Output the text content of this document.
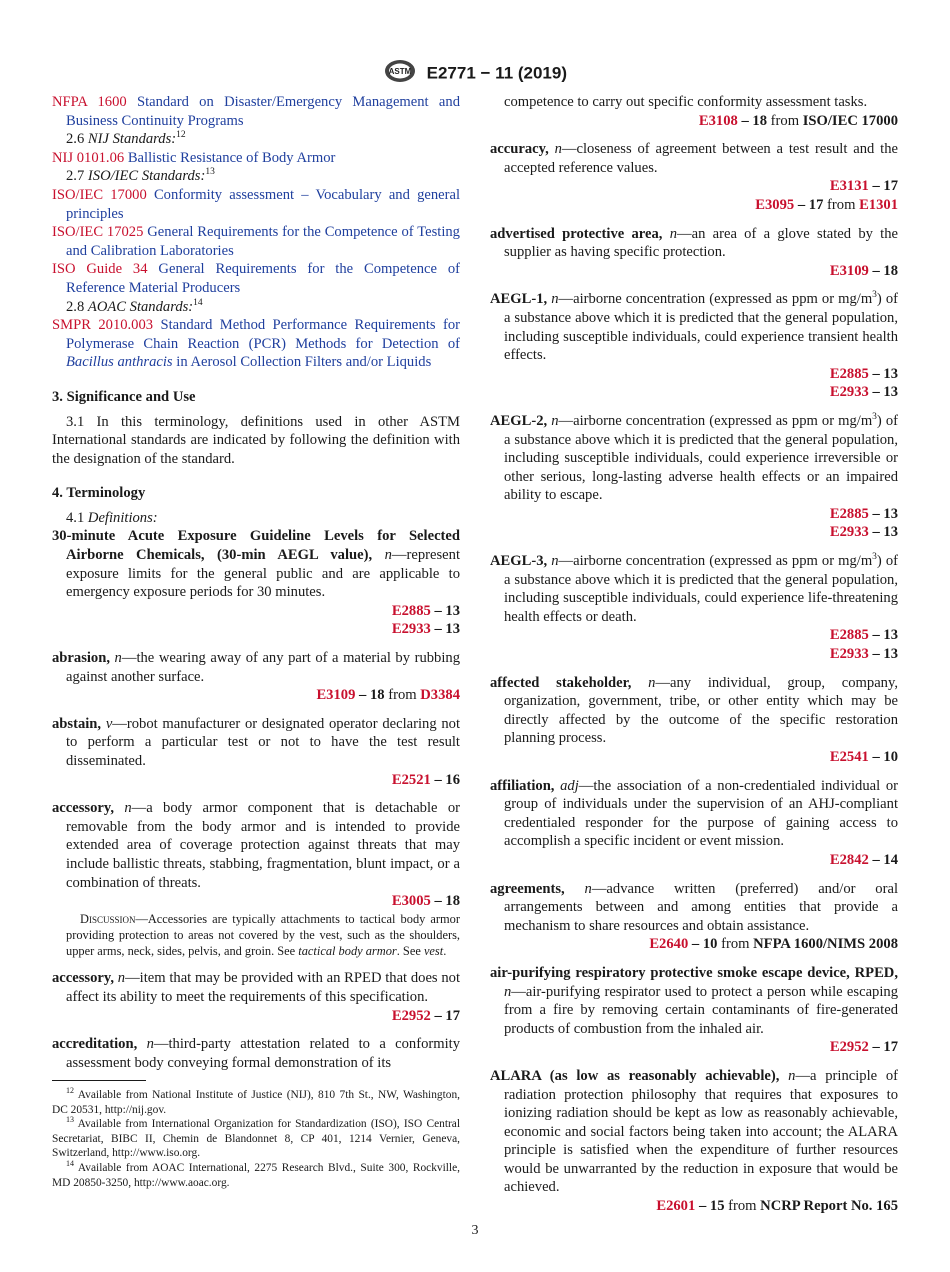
ASTM E2771 − 11 (2019)

NFPA 1600 Standard on Disaster/Emergency Management and Business Continuity Programs

2.6 NIJ Standards:$^{12}$

NIJ 0101.06 Ballistic Resistance of Body Armor

2.7 ISO/IEC Standards:$^{13}$

ISO/IEC 17000 Conformity assessment – Vocabulary and general principles

ISO/IEC 17025 General Requirements for the Competence of Testing and Calibration Laboratories

ISO Guide 34 General Requirements for the Competence of Reference Material Producers

2.8 AOAC Standards:$^{14}$

SMPR 2010.003 Standard Method Performance Requirements for Polymerase Chain Reaction (PCR) Methods for Detection of Bacillus anthracis in Aerosol Collection Filters and/or Liquids

3. Significance and Use

3.1 In this terminology, definitions used in other ASTM International standards are indicated by following the definition with the designation of the standard.

4. Terminology

4.1 Definitions:

30-minute Acute Exposure Guideline Levels for Selected Airborne Chemicals, (30-min AEGL value), n—represent exposure limits for the general public and are applicable to emergency exposure periods for 30 minutes.

E2885 – 13

E2933 – 13

abrasion, n—the wearing away of any part of a material by rubbing against another surface.

E3109 – 18 from D3384

abstain, v—robot manufacturer or designated operator declaring not to perform a particular test or not to have the test result disseminated.

E2521 – 16

accessory, n—a body armor component that is detachable or removable from the body armor and is intended to provide extended area of coverage protection against threats that may include ballistic threats, stabbing, fragmentation, blunt impact, or a combination of threats.

E3005 – 18

Discussion—Accessories are typically attachments to tactical body armor providing protection to areas not covered by the vest, such as the shoulders, upper arms, neck, sides, pelvis, and groin. See tactical body armor. See vest.

accessory, n—item that may be provided with an RPED that does not affect its ability to meet the requirements of this specification.

E2952 – 17

accreditation, n—third-party attestation related to a conformity assessment body conveying formal demonstration of its

competence to carry out specific conformity assessment tasks.

E3108 – 18 from ISO/IEC 17000

accuracy, n—closeness of agreement between a test result and the accepted reference values.

E3131 – 17

E3095 – 17 from E1301

advertised protective area, n—an area of a glove stated by the supplier as having specific protection.

E3109 – 18

AEGL-1, n—airborne concentration (expressed as ppm or $mg/m^3$) of a substance above which it is predicted that the general population, including susceptible individuals, could experience transient health effects.

E2885 – 13

E2933 – 13

AEGL-2, n—airborne concentration (expressed as ppm or $mg/m^3$) of a substance above which it is predicted that the general population, including susceptible individuals, could experience irreversible or other serious, long-lasting adverse health effects or an impaired ability to escape.

E2885 – 13

E2933 – 13

AEGL-3, n—airborne concentration (expressed as ppm or $mg/m^3$) of a substance above which it is predicted that the general population, including susceptible individuals, could experience life-threatening health effects or death.

E2885 – 13

E2933 – 13

affected stakeholder, n—any individual, group, company, organization, government, tribe, or other entity which may be directly affected by the outcome of the specific restoration planning process.

E2541 – 10

affiliation, adj—the association of a non-credentialed individual or group of individuals under the supervision of an AHJ-compliant credentialed responder for the purpose of gaining access to accomplish a specific incident or event mission.

E2842 – 14

agreements, n—advance written (preferred) and/or oral arrangements between and among entities that provide a mechanism to share resources and obtain assistance.

E2640 – 10 from NFPA 1600/NIMS 2008

air-purifying respiratory protective smoke escape device, RPED, n—air-purifying respirator used to protect a person while escaping from a fire by removing certain contaminants of fire-generated products of combustion from the inhaled air.

E2952 – 17

ALARA (as low as reasonably achievable), n—a principle of radiation protection philosophy that requires that exposures to ionizing radiation should be kept as low as reasonably achievable, economic and social factors being taken into account; the ALARA principle is satisfied when the expenditure of further resources would be unwarranted by the reduction in exposure that would be achieved.

E2601 – 15 from NCRP Report No. 165

$^{12}$ Available from National Institute of Justice (NIJ), 810 7th St., NW, Washington, DC 20531, http://nij.gov.

$^{13}$ Available from International Organization for Standardization (ISO), ISO Central Secretariat, BIBC II, Chemin de Blandonnet 8, CP 401, 1214 Vernier, Geneva, Switzerland, http://www.iso.org.

$^{14}$ Available from AOAC International, 2275 Research Blvd., Suite 300, Rockville, MD 20850-3250, http://www.aoac.org.

3
